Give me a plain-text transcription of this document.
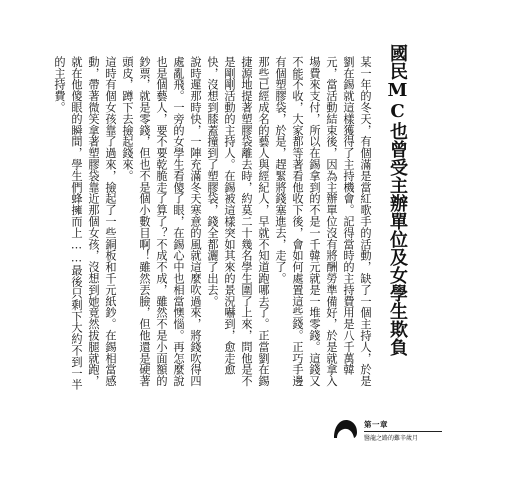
國民MC也曾受主辦單位及女學生欺負

某一年的冬天，有個滿是當紅歌手的活動，缺了一個主持人，於是劉在錫就這樣獲得了主持機會。記得當時的主持費用是八千萬韓元，當活動結束後，因為主辦單位沒有將酬勞準備好，於是就拿入場費來支付，所以在錫拿到的不是一千韓元就是一堆零錢。這錢又不能不收，大家都等著看他收下後，會如何處置這些錢。正巧手邊有個塑膠袋，於是，趕緊將錢塞進去，走了。

那些已經成名的藝人與經紀人，早就不知道跑哪去了。正當劉在錫捷源地提著塑膠袋離去時，約莫二十幾名學生圍了上來，問他是不是剛剛活動的主持人。在錫被這樣突如其來的景況嚇到，愈走愈快，沒想到膝蓋撞到了塑膠袋，錢全都灑了出去。

說時遲那時快，一陣充滿冬天寒意的風就這麼吹過來，將錢吹得四處亂飛。一旁的女學生看傻了眼，在錫心中也相當懊惱。再怎麼說也是個藝人，要不要乾脆走了算了？不成不成，雖然不是小面額的鈔票，就是零錢，但也不是個小數目啊！雖然丟臉，但他還是硬著頭皮，蹲下去撿起錢來。

這時有個女孩靠了過來，撿起了一些銅板和千元紙鈔。在錫相當感動，帶著微笑拿著塑膠袋靠近那個女孩，沒想到她竟然拔腿就跑，就在他傻眼的瞬間，學生們蜂擁而上……最後只剩下大約不到一半的主持費。

第一章
醫龍之路的難辛歲月
